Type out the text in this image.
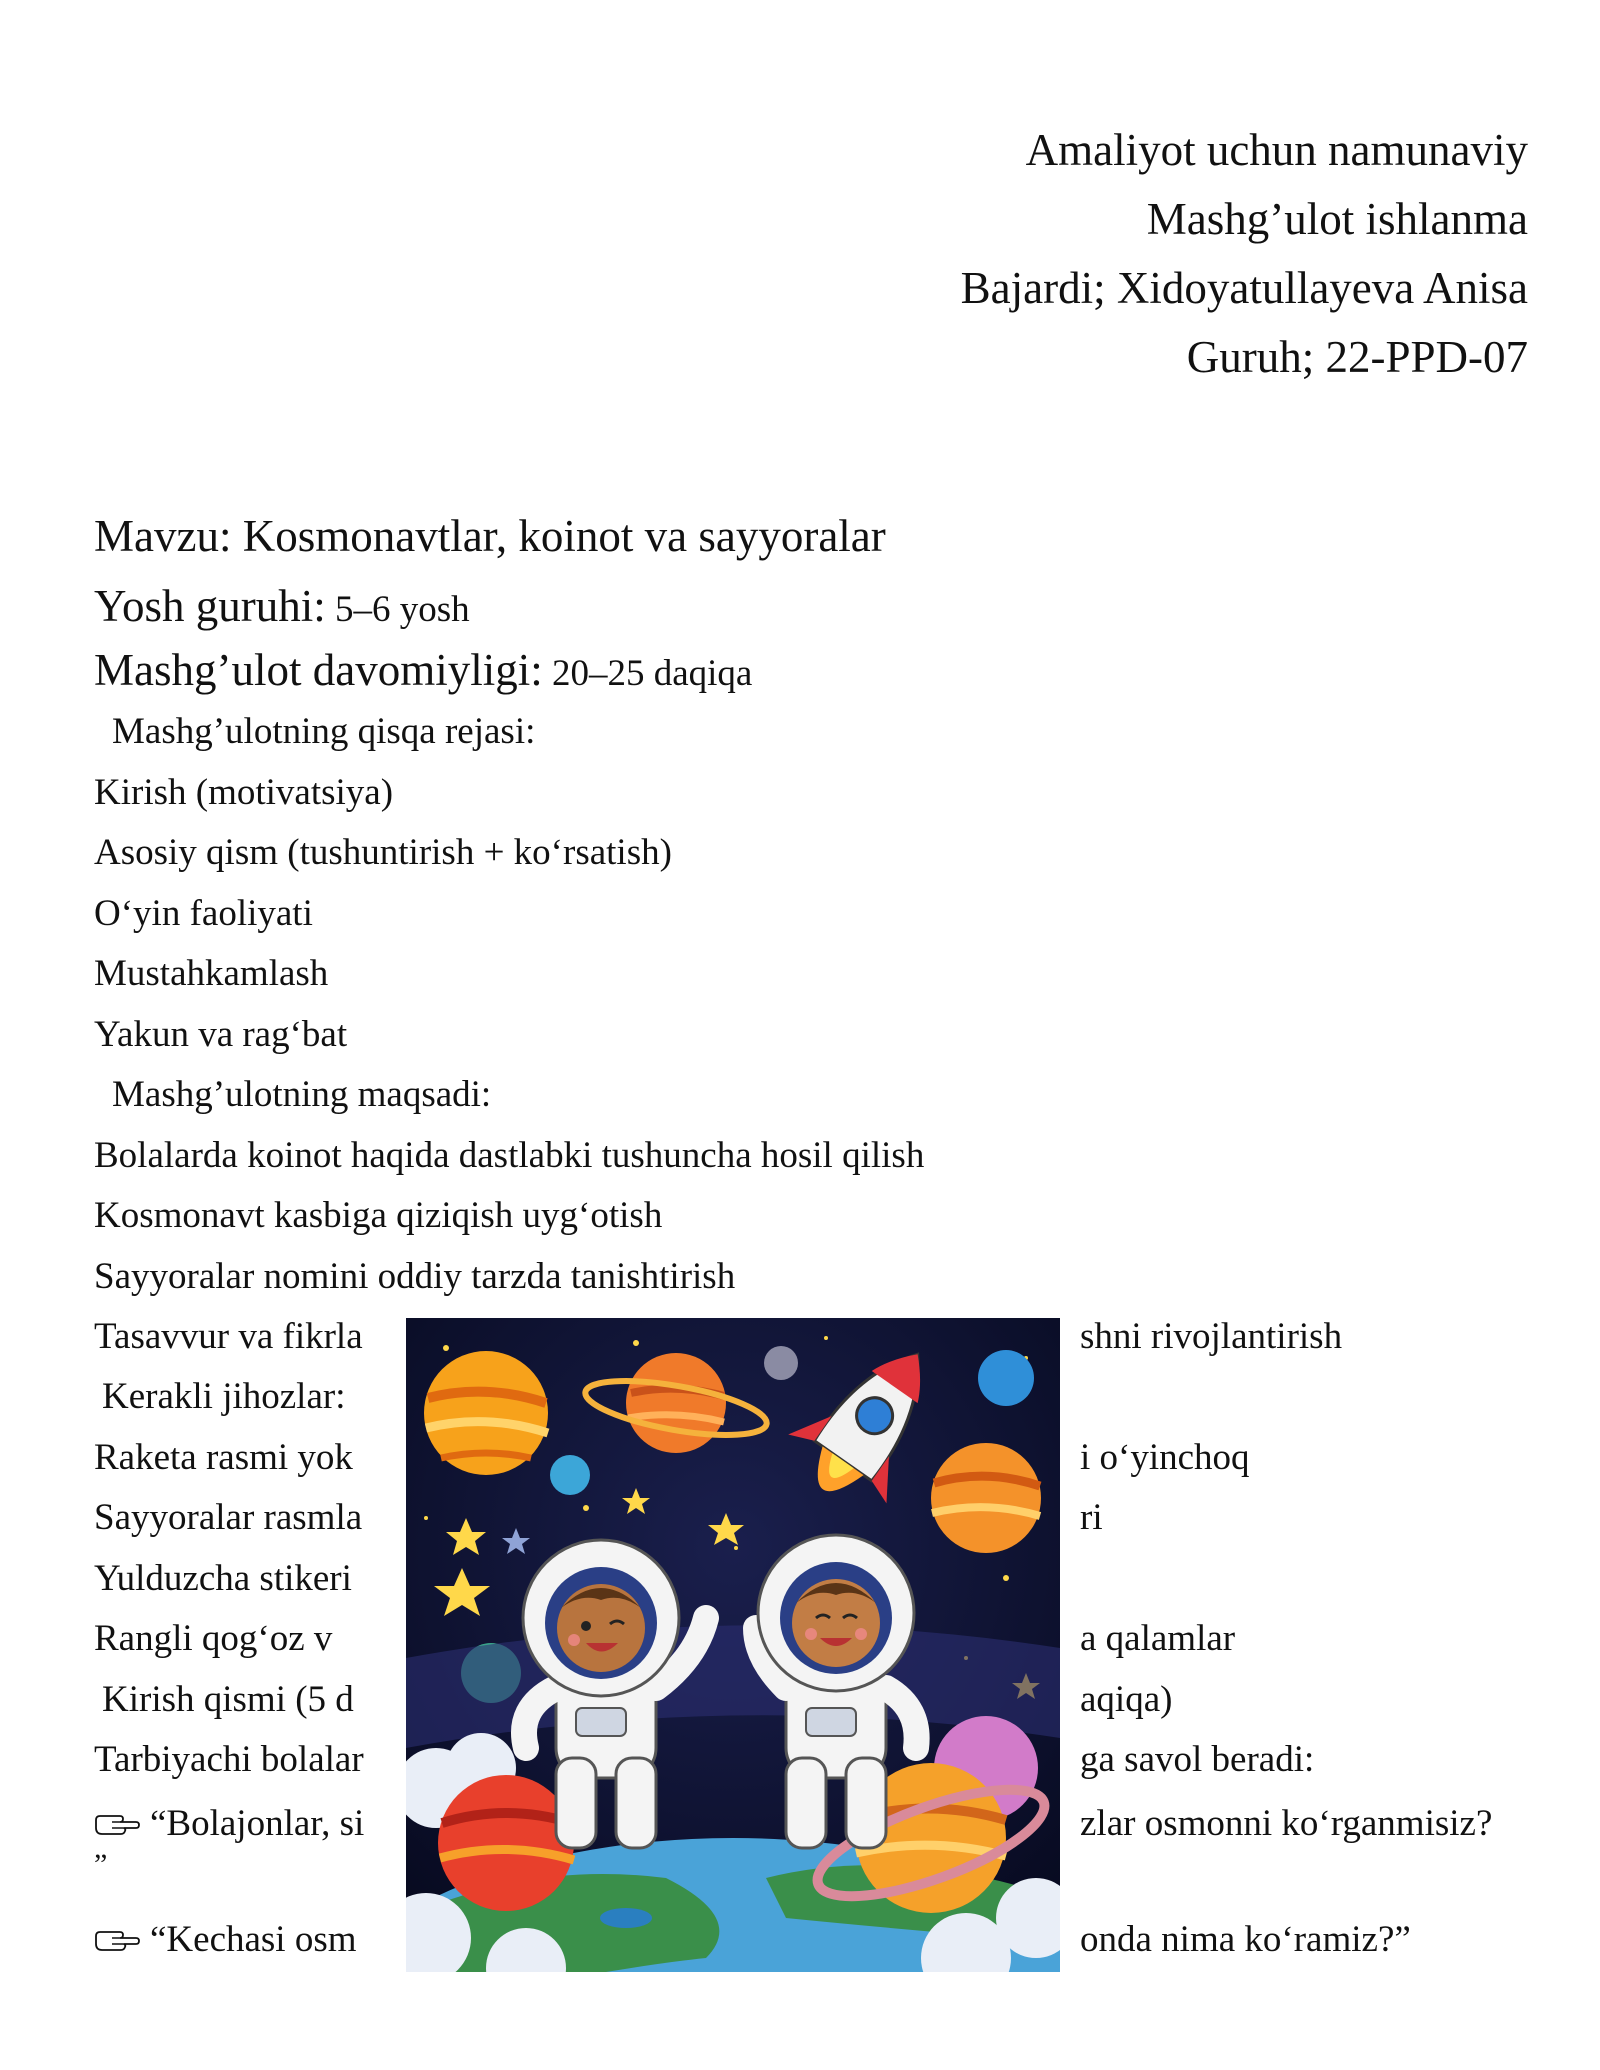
Amaliyot uchun namunaviy
Mashg’ulot ishlanma
Bajardi; Xidoyatullayeva Anisa
Guruh; 22-PPD-07
Mavzu: Kosmonavtlar, koinot va sayyoralar
Yosh guruhi: 5–6 yosh
Mashg’ulot davomiyligi: 20–25 daqiqa
Mashg’ulotning qisqa rejasi:
Kirish (motivatsiya)
Asosiy qism (tushuntirish + ko‘rsatish)
O‘yin faoliyati
Mustahkamlash
Yakun va rag‘bat
Mashg’ulotning maqsadi:
Bolalarda koinot haqida dastlabki tushuncha hosil qilish
Kosmonavt kasbiga qiziqish uyg‘otish
Sayyoralar nomini oddiy tarzda tanishtirish
Tasavvur va fikrla	shni rivojlantirish
Kerakli jihozlar:
Raketa rasmi yok	i o‘yinchoq
Sayyoralar rasmla	ri
Yulduzcha stikeri
Rangli qog‘oz v	a qalamlar
Kirish qismi (5 d	aqiqa)
Tarbiyachi bolalar	ga savol beradi:
“Bolajonlar, si	zlar osmonni ko‘rganmisiz?
”
“Kechasi osm	onda nima ko‘ramiz?”
